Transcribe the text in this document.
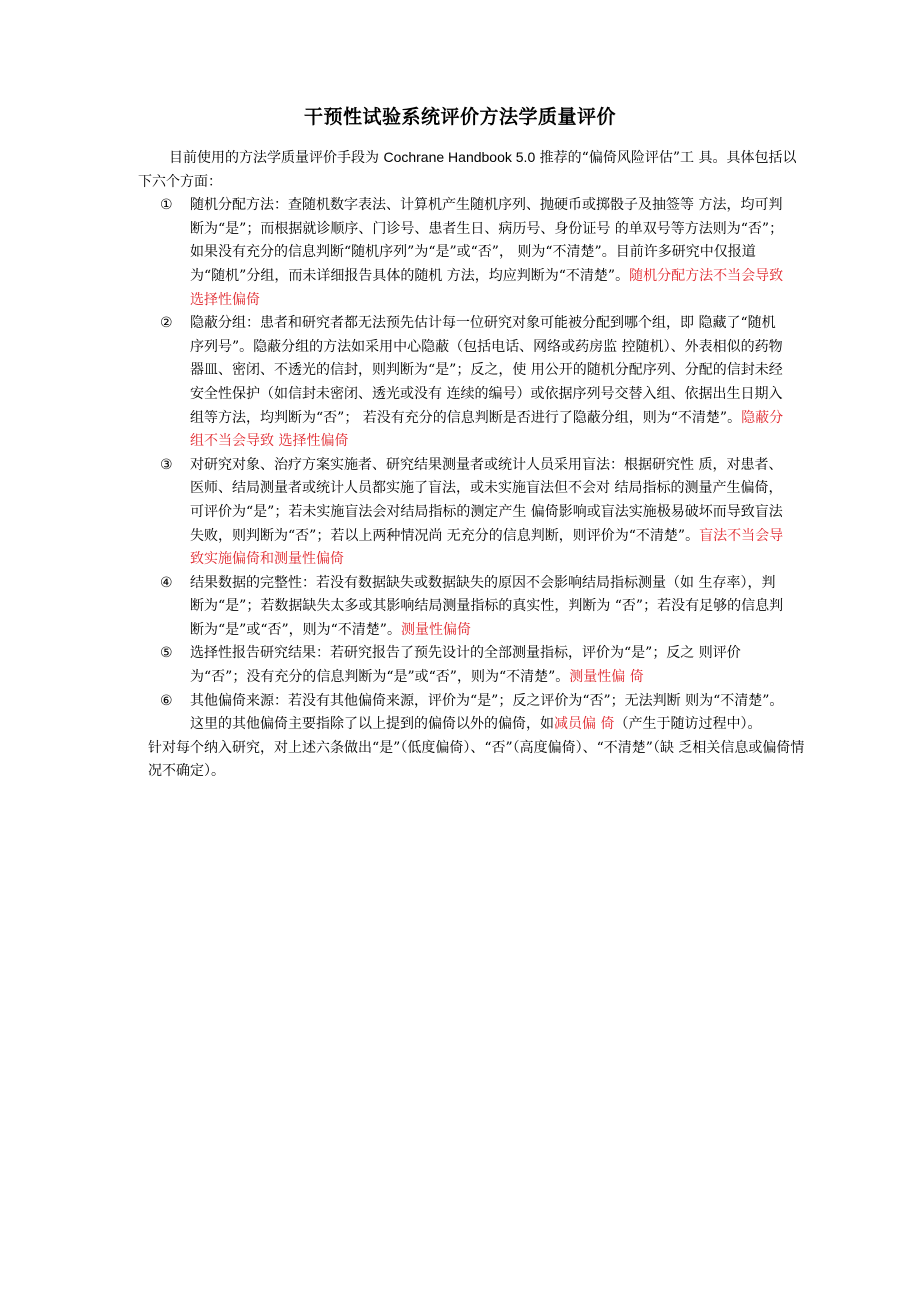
干预性试验系统评价方法学质量评价

目前使用的方法学质量评价手段为 Cochrane Handbook 5.0 推荐的“偏倚风险评估”工 具。具体包括以下六个方面：

① 随机分配方法：查随机数字表法、计算机产生随机序列、抛硬币或掷骰子及抽签等 方法，均可判断为“是”；而根据就诊顺序、门诊号、患者生日、病历号、身份证号 的单双号等方法则为“否”；如果没有充分的信息判断“随机序列”为“是”或“否”， 则为“不清楚”。目前许多研究中仅报道为“随机”分组，而未详细报告具体的随机 方法，均应判断为“不清楚”。随机分配方法不当会导致选择性偏倚
② 隐蔽分组：患者和研究者都无法预先估计每一位研究对象可能被分配到哪个组，即 隐藏了“随机序列号”。隐蔽分组的方法如采用中心隐蔽（包括电话、网络或药房监 控随机）、外表相似的药物器皿、密闭、不透光的信封，则判断为“是”；反之，使 用公开的随机分配序列、分配的信封未经安全性保护（如信封未密闭、透光或没有 连续的编号）或依据序列号交替入组、依据出生日期入组等方法，均判断为“否”； 若没有充分的信息判断是否进行了隐蔽分组，则为“不清楚”。隐蔽分组不当会导致 选择性偏倚
③ 对研究对象、治疗方案实施者、研究结果测量者或统计人员采用盲法：根据研究性 质，对患者、医师、结局测量者或统计人员都实施了盲法，或未实施盲法但不会对 结局指标的测量产生偏倚，可评价为“是”；若未实施盲法会对结局指标的测定产生 偏倚影响或盲法实施极易破坏而导致盲法失败，则判断为“否”；若以上两种情况尚 无充分的信息判断，则评价为“不清楚”。盲法不当会导致实施偏倚和测量性偏倚
④ 结果数据的完整性：若没有数据缺失或数据缺失的原因不会影响结局指标测量（如 生存率），判断为“是”；若数据缺失太多或其影响结局测量指标的真实性，判断为 “否”；若没有足够的信息判断为“是”或“否”，则为“不清楚”。测量性偏倚
⑤ 选择性报告研究结果：若研究报告了预先设计的全部测量指标，评价为“是”；反之 则评价为“否”；没有充分的信息判断为“是”或“否”，则为“不清楚”。测量性偏 倚
⑥ 其他偏倚来源：若没有其他偏倚来源，评价为“是”；反之评价为“否”；无法判断 则为“不清楚”。这里的其他偏倚主要指除了以上提到的偏倚以外的偏倚，如减员偏 倚（产生于随访过程中）。

针对每个纳入研究，对上述六条做出“是”（低度偏倚）、“否”（高度偏倚）、“不清楚”（缺 乏相关信息或偏倚情况不确定）。
